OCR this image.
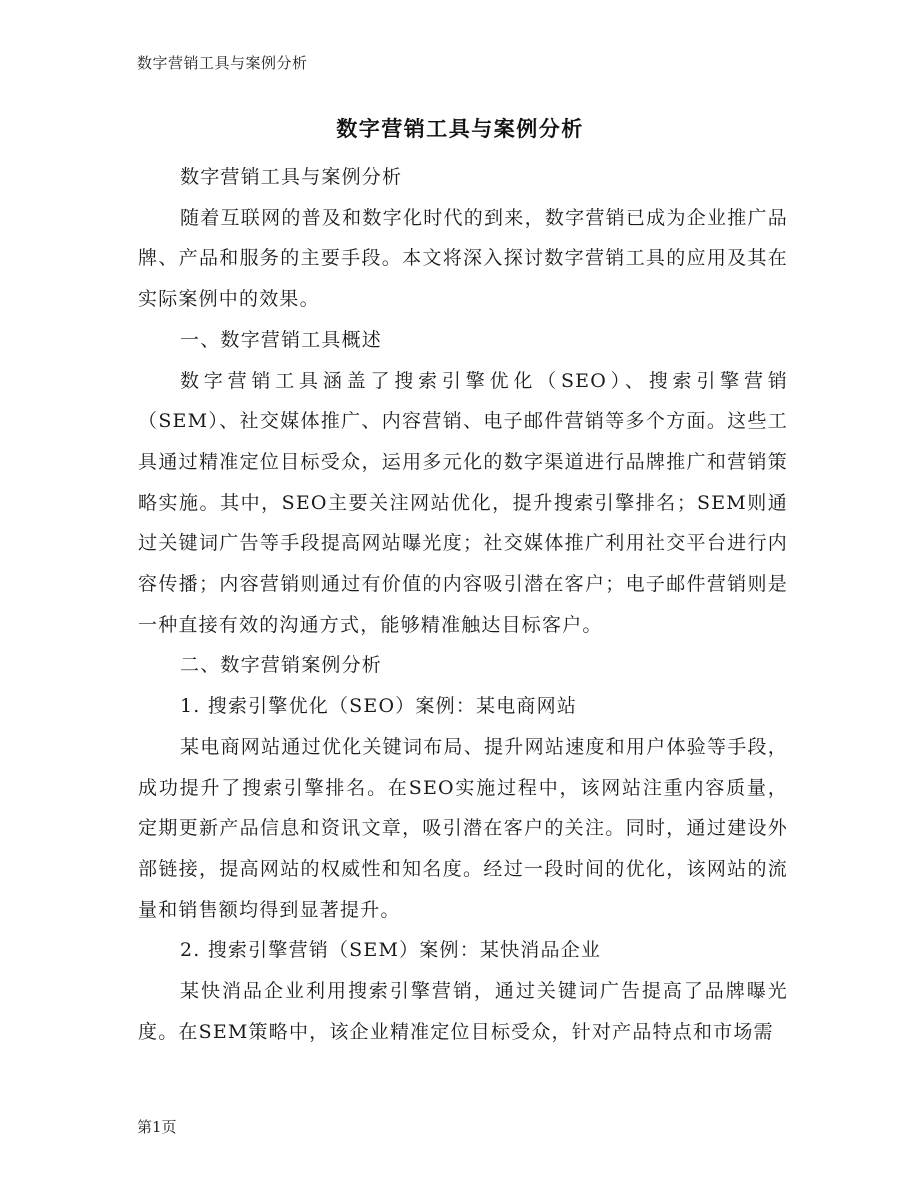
数字营销工具与案例分析
数字营销工具与案例分析

数字营销工具与案例分析

随着互联网的普及和数字化时代的到来，数字营销已成为企业推广品牌、产品和服务的主要手段。本文将深入探讨数字营销工具的应用及其在实际案例中的效果。

一、数字营销工具概述

数字营销工具涵盖了搜索引擎优化（SEO）、搜索引擎营销（SEM）、社交媒体推广、内容营销、电子邮件营销等多个方面。这些工具通过精准定位目标受众，运用多元化的数字渠道进行品牌推广和营销策略实施。其中，SEO主要关注网站优化，提升搜索引擎排名；SEM则通过关键词广告等手段提高网站曝光度；社交媒体推广利用社交平台进行内容传播；内容营销则通过有价值的内容吸引潜在客户；电子邮件营销则是一种直接有效的沟通方式，能够精准触达目标客户。

二、数字营销案例分析

1. 搜索引擎优化（SEO）案例：某电商网站

某电商网站通过优化关键词布局、提升网站速度和用户体验等手段，成功提升了搜索引擎排名。在SEO实施过程中，该网站注重内容质量，定期更新产品信息和资讯文章，吸引潜在客户的关注。同时，通过建设外部链接，提高网站的权威性和知名度。经过一段时间的优化，该网站的流量和销售额均得到显著提升。

2. 搜索引擎营销（SEM）案例：某快消品企业

某快消品企业利用搜索引擎营销，通过关键词广告提高了品牌曝光度。在SEM策略中，该企业精准定位目标受众，针对产品特点和市场需

第1页
